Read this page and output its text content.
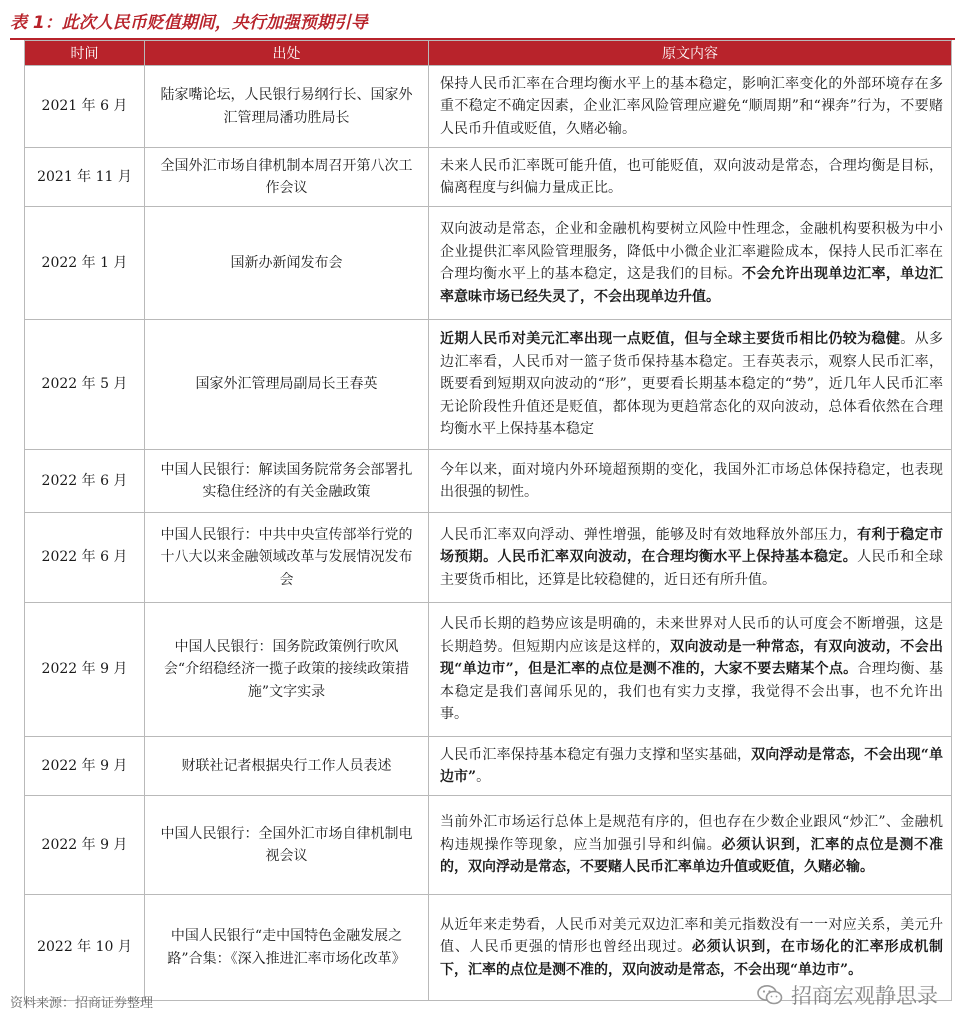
表 1：此次人民币贬值期间，央行加强预期引导
时间	出处	原文内容
2021 年 6 月	陆家嘴论坛，人民银行易纲行长、国家外汇管理局潘功胜局长	保持人民币汇率在合理均衡水平上的基本稳定，影响汇率变化的外部环境存在多重不稳定不确定因素，企业汇率风险管理应避免“顺周期”和“裸奔”行为，不要赌人民币升值或贬值，久赌必输。
2021 年 11 月	全国外汇市场自律机制本周召开第八次工作会议	未来人民币汇率既可能升值，也可能贬值，双向波动是常态，合理均衡是目标，偏离程度与纠偏力量成正比。
2022 年 1 月	国新办新闻发布会	双向波动是常态，企业和金融机构要树立风险中性理念，金融机构要积极为中小企业提供汇率风险管理服务，降低中小微企业汇率避险成本，保持人民币汇率在合理均衡水平上的基本稳定，这是我们的目标。不会允许出现单边汇率，单边汇率意味市场已经失灵了，不会出现单边升值。
2022 年 5 月	国家外汇管理局副局长王春英	近期人民币对美元汇率出现一点贬值，但与全球主要货币相比仍较为稳健。从多边汇率看，人民币对一篮子货币保持基本稳定。王春英表示，观察人民币汇率，既要看到短期双向波动的“形”，更要看长期基本稳定的“势”，近几年人民币汇率无论阶段性升值还是贬值，都体现为更趋常态化的双向波动，总体看依然在合理均衡水平上保持基本稳定
2022 年 6 月	中国人民银行：解读国务院常务会部署扎实稳住经济的有关金融政策	今年以来，面对境内外环境超预期的变化，我国外汇市场总体保持稳定，也表现出很强的韧性。
2022 年 6 月	中国人民银行：中共中央宣传部举行党的十八大以来金融领域改革与发展情况发布会	人民币汇率双向浮动、弹性增强，能够及时有效地释放外部压力，有利于稳定市场预期。人民币汇率双向波动，在合理均衡水平上保持基本稳定。人民币和全球主要货币相比，还算是比较稳健的，近日还有所升值。
2022 年 9 月	中国人民银行：国务院政策例行吹风会“介绍稳经济一揽子政策的接续政策措施”文字实录	人民币长期的趋势应该是明确的，未来世界对人民币的认可度会不断增强，这是长期趋势。但短期内应该是这样的，双向波动是一种常态，有双向波动，不会出现“单边市”，但是汇率的点位是测不准的，大家不要去赌某个点。合理均衡、基本稳定是我们喜闻乐见的，我们也有实力支撑，我觉得不会出事，也不允许出事。
2022 年 9 月	财联社记者根据央行工作人员表述	人民币汇率保持基本稳定有强力支撑和坚实基础，双向浮动是常态，不会出现“单边市”。
2022 年 9 月	中国人民银行：全国外汇市场自律机制电视会议	当前外汇市场运行总体上是规范有序的，但也存在少数企业跟风“炒汇”、金融机构违规操作等现象，应当加强引导和纠偏。必须认识到，汇率的点位是测不准的，双向浮动是常态，不要赌人民币汇率单边升值或贬值，久赌必输。
2022 年 10 月	中国人民银行“走中国特色金融发展之路”合集：《深入推进汇率市场化改革》	从近年来走势看，人民币对美元双边汇率和美元指数没有一一对应关系，美元升值、人民币更强的情形也曾经出现过。必须认识到，在市场化的汇率形成机制下，汇率的点位是测不准的，双向波动是常态，不会出现“单边市”。
资料来源：招商证券整理	招商宏观静思录
